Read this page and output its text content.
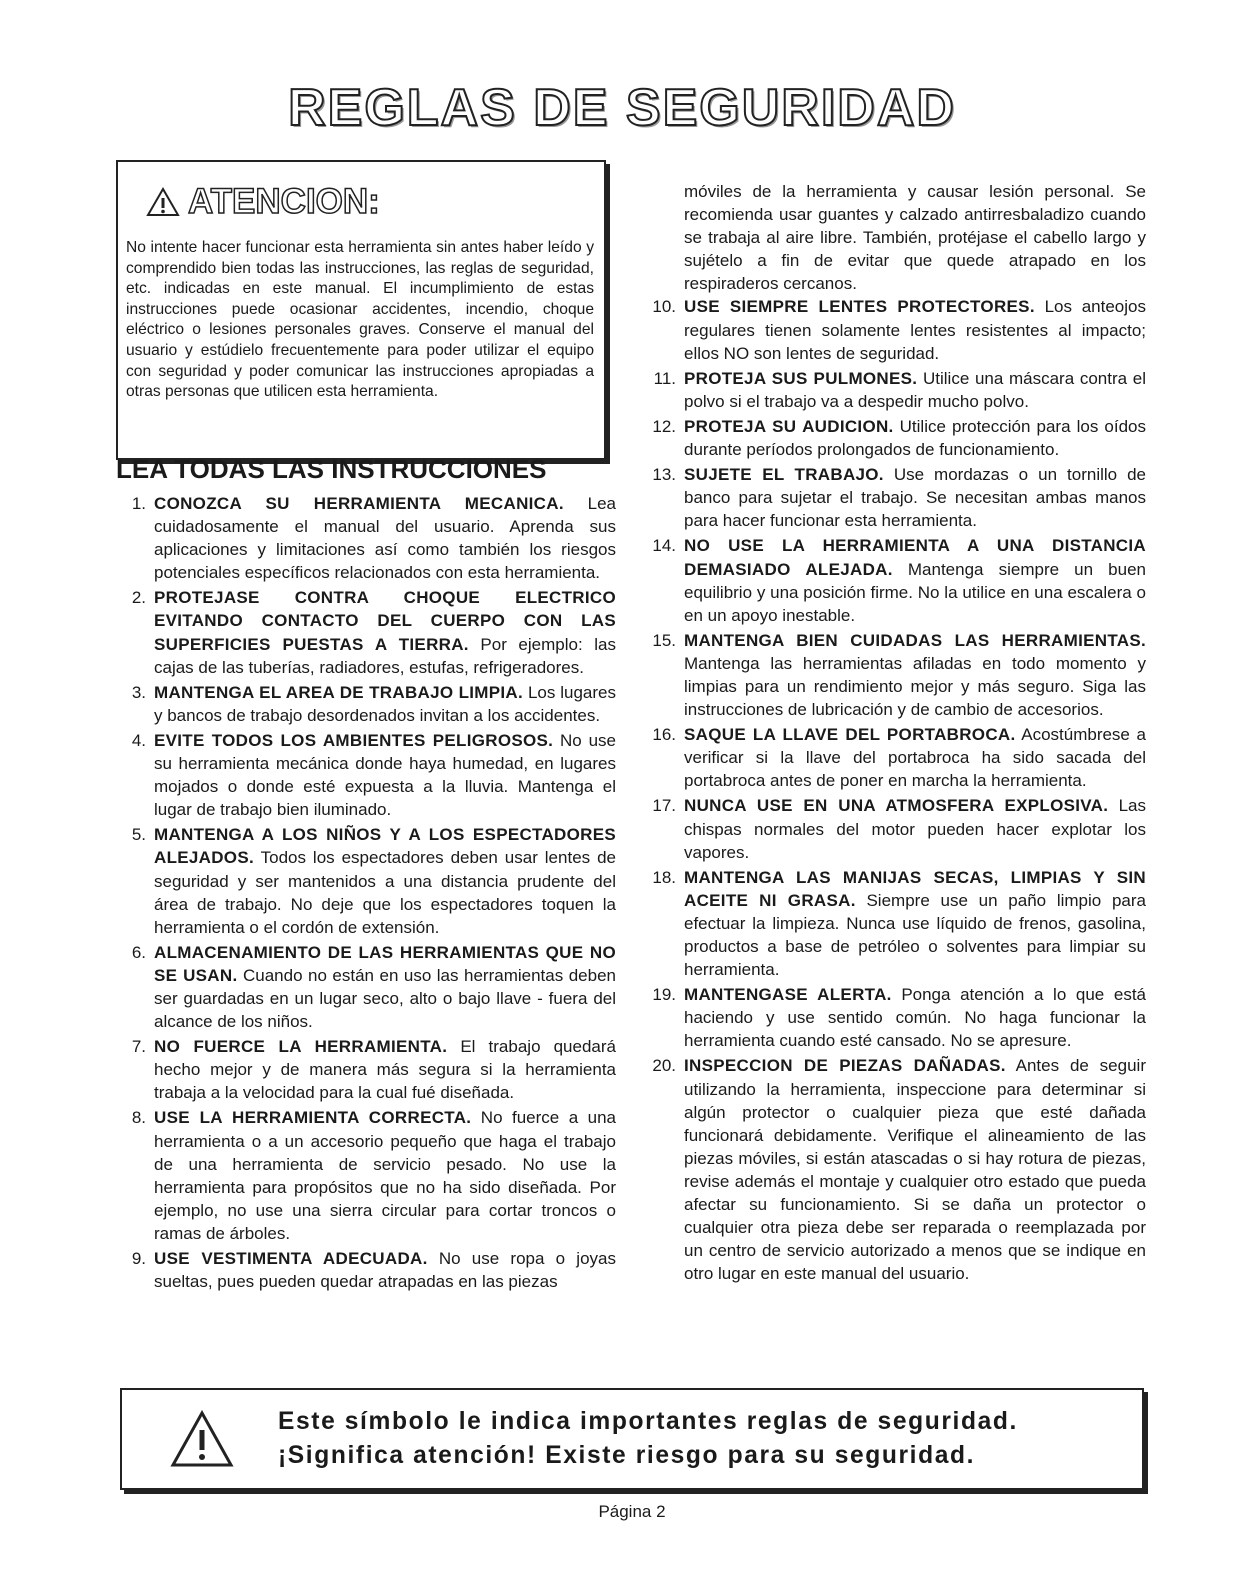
REGLAS DE SEGURIDAD
ATENCION:
No intente hacer funcionar esta herramienta sin antes haber leído y comprendido bien todas las instrucciones, las reglas de seguridad, etc. indicadas en este manual. El incumplimiento de estas instrucciones puede ocasionar accidentes, incendio, choque eléctrico o lesiones personales graves. Conserve el manual del usuario y estúdielo frecuentemente para poder utilizar el equipo con seguridad y poder comunicar las instrucciones apropiadas a otras personas que utilicen esta herramienta.
LEA TODAS LAS INSTRUCCIONES
1. CONOZCA SU HERRAMIENTA MECANICA. Lea cuidadosamente el manual del usuario. Aprenda sus aplicaciones y limitaciones así como también los riesgos potenciales específicos relacionados con esta herramienta.
2. PROTEJASE CONTRA CHOQUE ELECTRICO EVITANDO CONTACTO DEL CUERPO CON LAS SUPERFICIES PUESTAS A TIERRA. Por ejemplo: las cajas de las tuberías, radiadores, estufas, refrigeradores.
3. MANTENGA EL AREA DE TRABAJO LIMPIA. Los lugares y bancos de trabajo desordenados invitan a los accidentes.
4. EVITE TODOS LOS AMBIENTES PELIGROSOS. No use su herramienta mecánica donde haya humedad, en lugares mojados o donde esté expuesta a la lluvia. Mantenga el lugar de trabajo bien iluminado.
5. MANTENGA A LOS NIÑOS Y A LOS ESPECTADORES ALEJADOS. Todos los espectadores deben usar lentes de seguridad y ser mantenidos a una distancia prudente del área de trabajo. No deje que los espectadores toquen la herramienta o el cordón de extensión.
6. ALMACENAMIENTO DE LAS HERRAMIENTAS QUE NO SE USAN. Cuando no están en uso las herramientas deben ser guardadas en un lugar seco, alto o bajo llave - fuera del alcance de los niños.
7. NO FUERCE LA HERRAMIENTA. El trabajo quedará hecho mejor y de manera más segura si la herramienta trabaja a la velocidad para la cual fué diseñada.
8. USE LA HERRAMIENTA CORRECTA. No fuerce a una herramienta o a un accesorio pequeño que haga el trabajo de una herramienta de servicio pesado. No use la herramienta para propósitos que no ha sido diseñada. Por ejemplo, no use una sierra circular para cortar troncos o ramas de árboles.
9. USE VESTIMENTA ADECUADA. No use ropa o joyas sueltas, pues pueden quedar atrapadas en las piezas
móviles de la herramienta y causar lesión personal. Se recomienda usar guantes y calzado antirresbaladizo cuando se trabaja al aire libre. También, protéjase el cabello largo y sujételo a fin de evitar que quede atrapado en los respiraderos cercanos.
10. USE SIEMPRE LENTES PROTECTORES. Los anteojos regulares tienen solamente lentes resistentes al impacto; ellos NO son lentes de seguridad.
11. PROTEJA SUS PULMONES. Utilice una máscara contra el polvo si el trabajo va a despedir mucho polvo.
12. PROTEJA SU AUDICION. Utilice protección para los oídos durante períodos prolongados de funcionamiento.
13. SUJETE EL TRABAJO. Use mordazas o un tornillo de banco para sujetar el trabajo. Se necesitan ambas manos para hacer funcionar esta herramienta.
14. NO USE LA HERRAMIENTA A UNA DISTANCIA DEMASIADO ALEJADA. Mantenga siempre un buen equilibrio y una posición firme. No la utilice en una escalera o en un apoyo inestable.
15. MANTENGA BIEN CUIDADAS LAS HERRAMIENTAS. Mantenga las herramientas afiladas en todo momento y limpias para un rendimiento mejor y más seguro. Siga las instrucciones de lubricación y de cambio de accesorios.
16. SAQUE LA LLAVE DEL PORTABROCA. Acostúmbrese a verificar si la llave del portabroca ha sido sacada del portabroca antes de poner en marcha la herramienta.
17. NUNCA USE EN UNA ATMOSFERA EXPLOSIVA. Las chispas normales del motor pueden hacer explotar los vapores.
18. MANTENGA LAS MANIJAS SECAS, LIMPIAS Y SIN ACEITE NI GRASA. Siempre use un paño limpio para efectuar la limpieza. Nunca use líquido de frenos, gasolina, productos a base de petróleo o solventes para limpiar su herramienta.
19. MANTENGASE ALERTA. Ponga atención a lo que está haciendo y use sentido común. No haga funcionar la herramienta cuando esté cansado. No se apresure.
20. INSPECCION DE PIEZAS DAÑADAS. Antes de seguir utilizando la herramienta, inspeccione para determinar si algún protector o cualquier pieza que esté dañada funcionará debidamente. Verifique el alineamiento de las piezas móviles, si están atascadas o si hay rotura de piezas, revise además el montaje y cualquier otro estado que pueda afectar su funcionamiento. Si se daña un protector o cualquier otra pieza debe ser reparada o reemplazada por un centro de servicio autorizado a menos que se indique en otro lugar en este manual del usuario.
Este símbolo le indica importantes reglas de seguridad.
¡Significa atención! Existe riesgo para su seguridad.
Página 2
